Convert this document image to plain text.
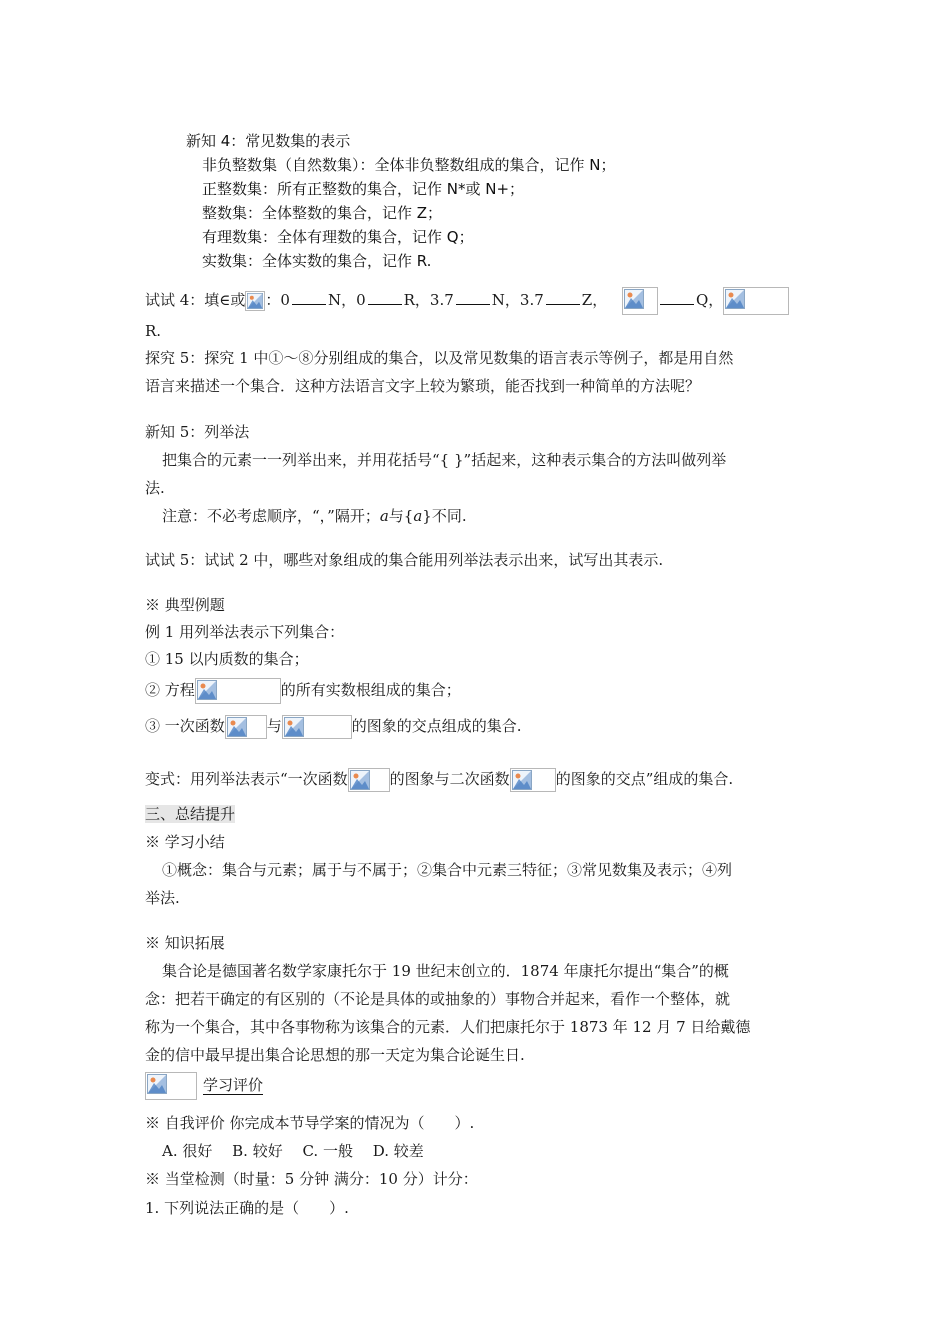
新知 4：常见数集的表示
非负整数集（自然数集）：全体非负整数组成的集合，记作 N；
正整数集：所有正整数的集合，记作 N*或 N+；
整数集：全体整数的集合，记作 Z；
有理数集：全体有理数的集合，记作 Q；
实数集：全体实数的集合，记作 R.
试试 4：填∈或 ：0	N，0	R，3.7	N，3.7	Z，	Q，
R.
探究 5：探究 1 中①～⑧分别组成的集合，以及常见数集的语言表示等例子，都是用自然
语言来描述一个集合．这种方法语言文字上较为繁琐，能否找到一种简单的方法呢？
新知 5：列举法
把集合的元素一一列举出来，并用花括号“{ }”括起来，这种表示集合的方法叫做列举
法.
注意：不必考虑顺序，“，”隔开；a与{a}不同.
试试 5：试试 2 中，哪些对象组成的集合能用列举法表示出来，试写出其表示.
※ 典型例题
例 1 用列举法表示下列集合：
① 15 以内质数的集合；
② 方程	的所有实数根组成的集合；
③ 一次函数	与	的图象的交点组成的集合.
变式：用列举法表示“一次函数	的图象与二次函数	的图象的交点”组成的集合.
三、总结提升
※ 学习小结
①概念：集合与元素；属于与不属于；②集合中元素三特征；③常见数集及表示；④列
举法.
※ 知识拓展
集合论是德国著名数学家康托尔于 19 世纪末创立的．1874 年康托尔提出“集合”的概
念：把若干确定的有区别的（不论是具体的或抽象的）事物合并起来，看作一个整体，就
称为一个集合，其中各事物称为该集合的元素．人们把康托尔于 1873 年 12 月 7 日给戴德
金的信中最早提出集合论思想的那一天定为集合论诞生日.
学习评价
※ 自我评价 你完成本节导学案的情况为（　　）.
A. 很好　 B. 较好　 C. 一般　 D. 较差
※ 当堂检测（时量：5 分钟 满分：10 分）计分：
1. 下列说法正确的是（　　）.
